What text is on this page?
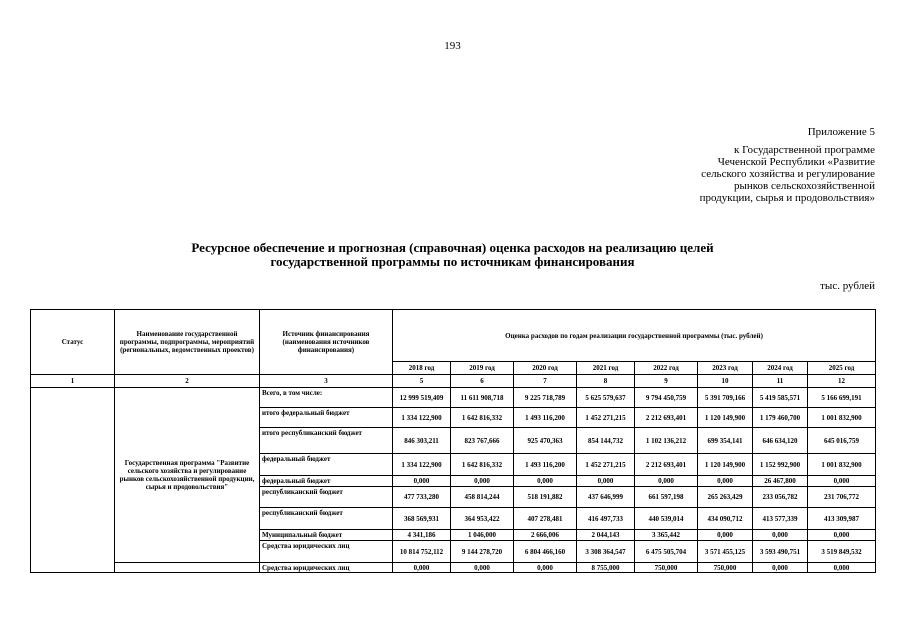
193
Приложение 5
к Государственной программе
Чеченской Республики «Развитие
сельского хозяйства и регулирование
рынков сельскохозяйственной
продукции, сырья и продовольствия»
Ресурсное обеспечение и прогнозная (справочная) оценка расходов на реализацию целей
государственной программы по источникам финансирования
тыс. рублей
Статус	Наименование государственной программы, подпрограммы, мероприятий (региональных, ведомственных проектов)	Источник финансирования (наименования источников финансирования)	Оценка расходов по годам реализации государственной программы (тыс. рублей)							
			2018 год	2019 год	2020 год	2021 год	2022 год	2023 год	2024 год	2025 год
1	2	3	5	6	7	8	9	10	11	12
	Государственная программа "Развитие сельского хозяйства и регулирование рынков сельскохозяйственной продукции, сырья и продовольствия"	Всего, в том числе:	12 999 519,409	11 611 908,718	9 225 718,789	5 625 579,637	9 794 450,759	5 391 709,166	5 419 585,571	5 166 699,191
		итого федеральный бюджет	1 334 122,900	1 642 816,332	1 493 116,200	1 452 271,215	2 212 693,401	1 120 149,900	1 179 460,700	1 001 832,900
		итого республиканский бюджет	846 303,211	823 767,666	925 470,363	854 144,732	1 102 136,212	699 354,141	646 634,120	645 016,759
		федеральный бюджет	1 334 122,900	1 642 816,332	1 493 116,200	1 452 271,215	2 212 693,401	1 120 149,900	1 152 992,900	1 001 832,900
		федеральный бюджет	0,000	0,000	0,000	0,000	0,000	0,000	26 467,800	0,000
		республиканский бюджет	477 733,280	458 814,244	518 191,882	437 646,999	661 597,198	265 263,429	233 056,782	231 706,772
		республиканский бюджет	368 569,931	364 953,422	407 278,481	416 497,733	440 539,014	434 090,712	413 577,339	413 309,987
		Муниципальный бюджет	4 341,186	1 046,000	2 666,006	2 044,143	3 365,442	0,000	0,000	0,000
		Средства юридических лиц	10 814 752,112	9 144 278,720	6 804 466,160	3 308 364,547	6 475 505,704	3 571 455,125	3 593 490,751	3 519 849,532
		Средства юридических лиц	0,000	0,000	0,000	8 755,000	750,000	750,000	0,000	0,000
